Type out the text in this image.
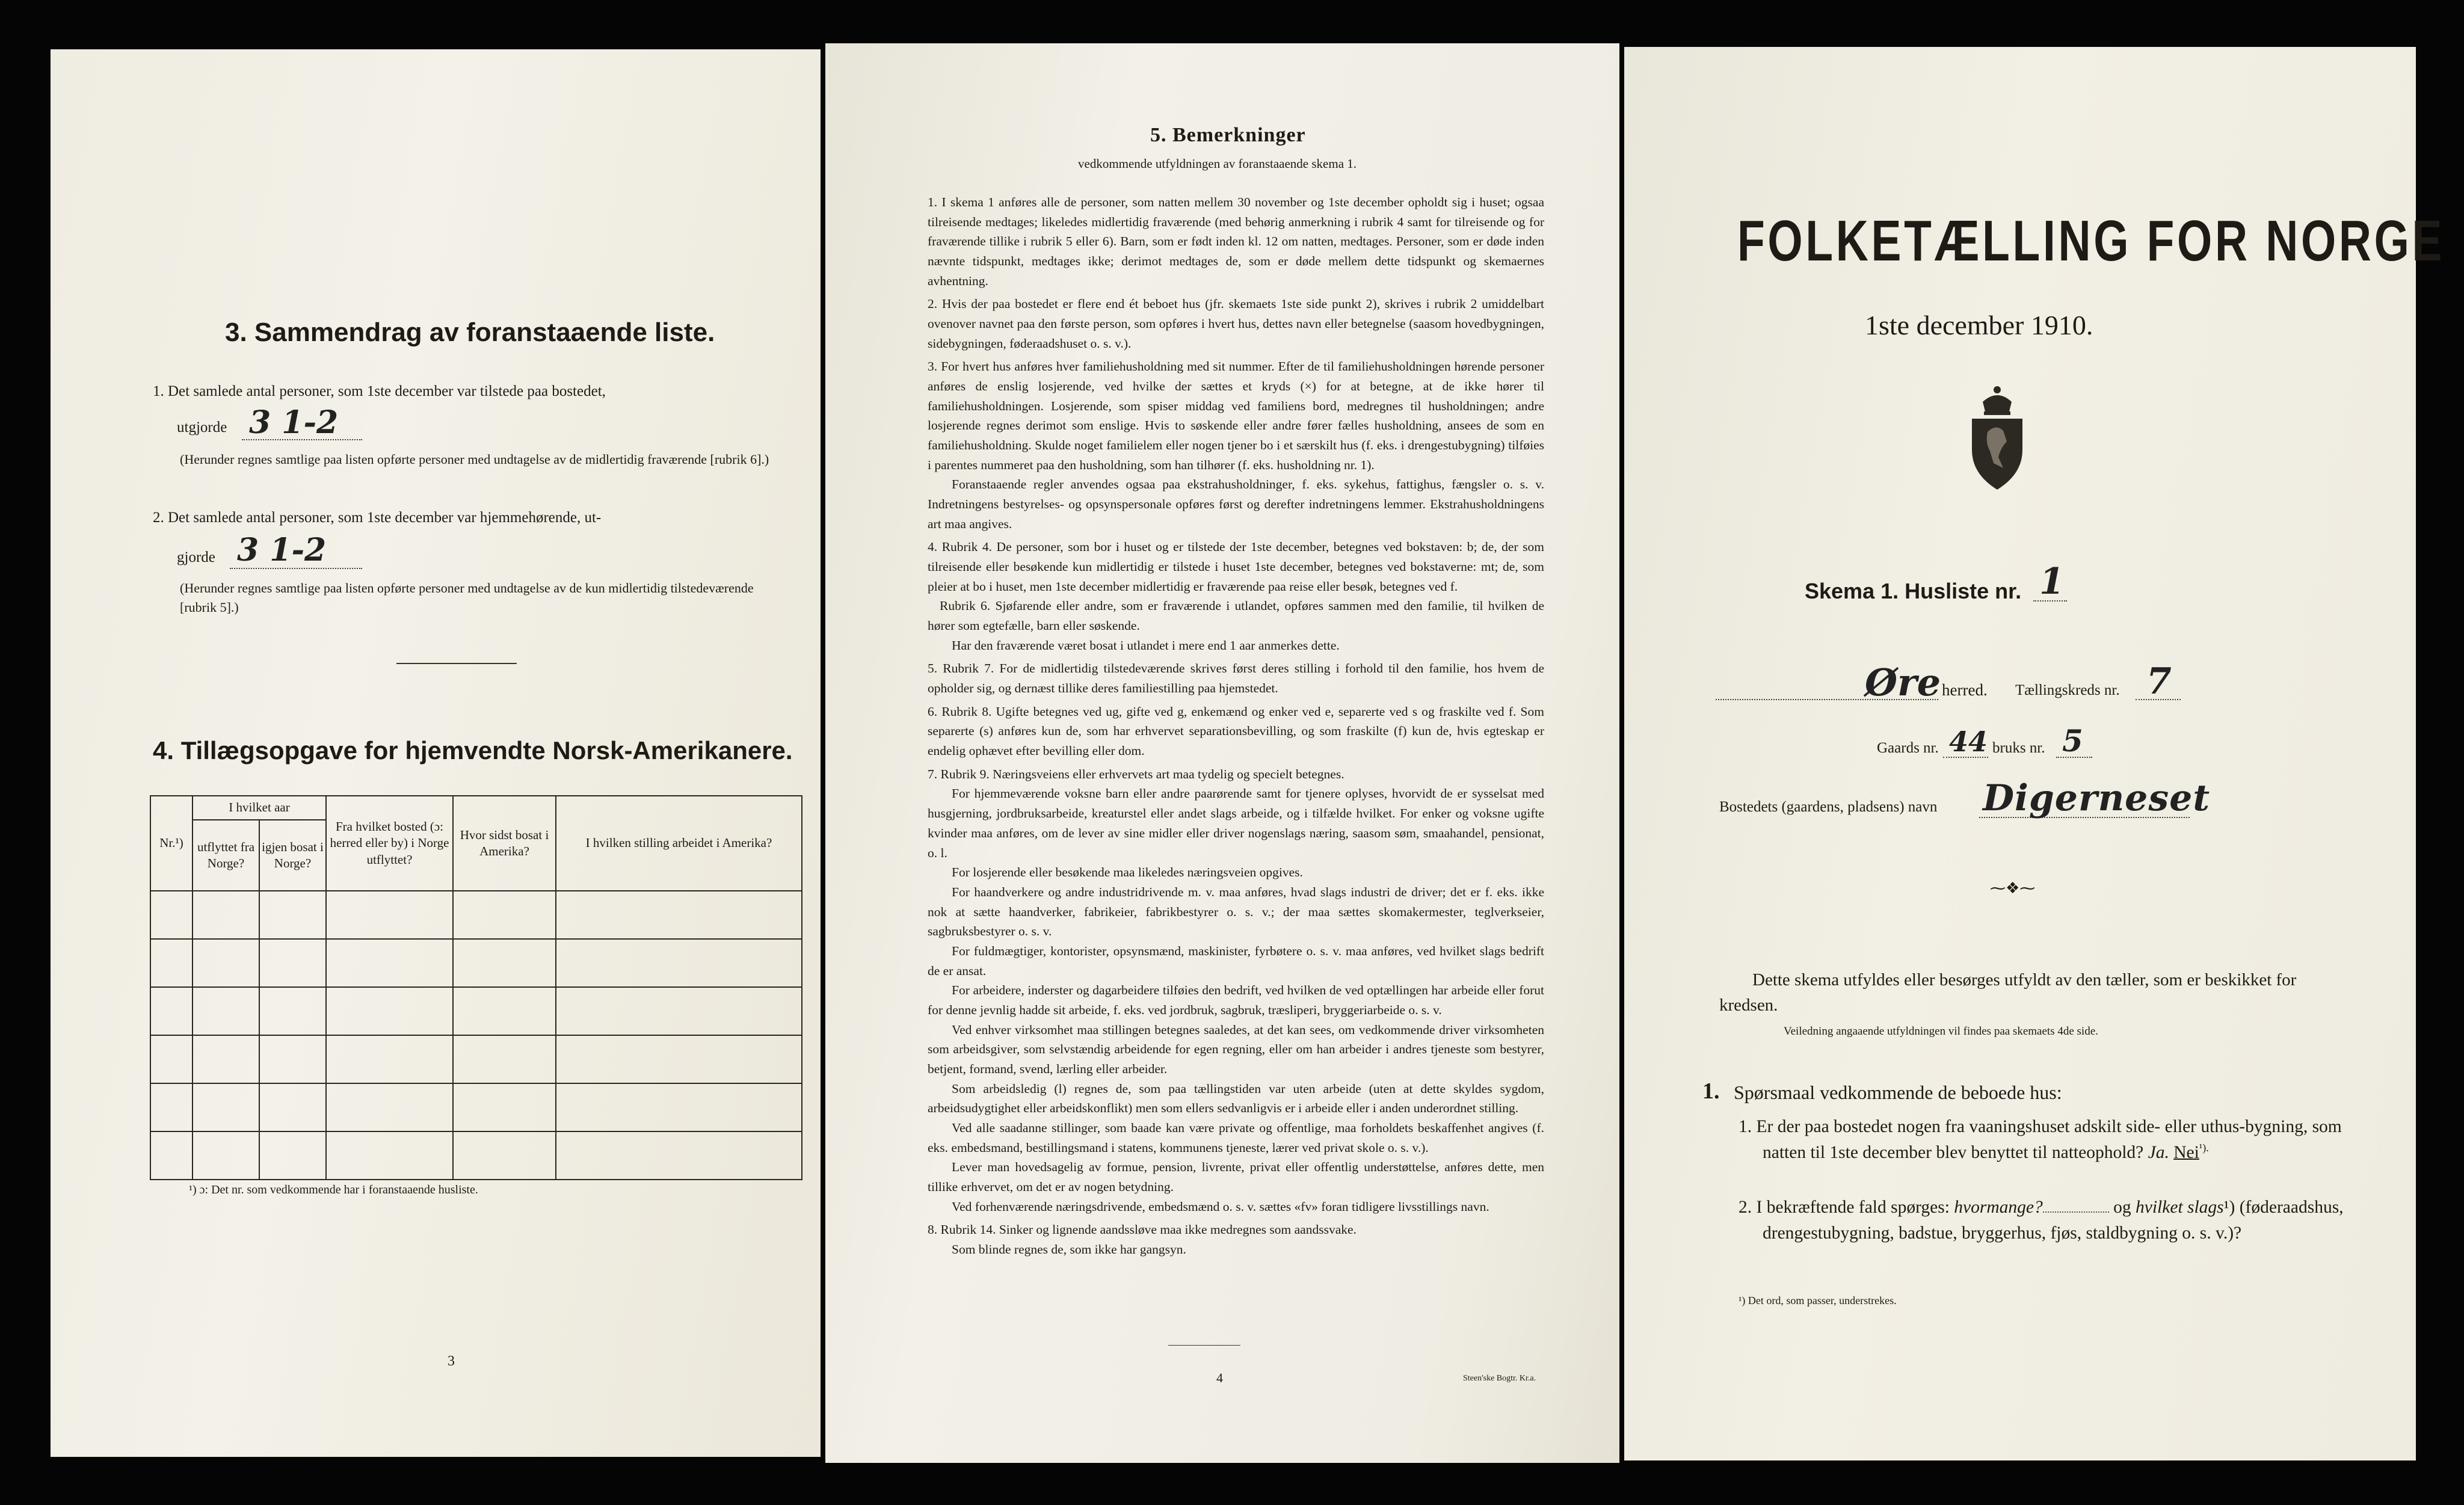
3. Sammendrag av foranstaaende liste.
1. Det samlede antal personer, som 1ste december var tilstede paa bostedet,
utgjorde 3 1-2
(Herunder regnes samtlige paa listen opførte personer med undtagelse av de midlertidig fraværende [rubrik 6].)
2. Det samlede antal personer, som 1ste december var hjemmehørende, ut-
gjorde 3 1-2
(Herunder regnes samtlige paa listen opførte personer med undtagelse av de kun midlertidig tilstedeværende [rubrik 5].)
4. Tillægsopgave for hjemvendte Norsk-Amerikanere.
Nr.¹)	I hvilket aar		Fra hvilket bosted (ɔ: herred eller by) i Norge utflyttet?	Hvor sidst bosat i Amerika?	I hvilken stilling arbeidet i Amerika?
	utflyttet fra Norge?	igjen bosat i Norge?			

¹) ɔ: Det nr. som vedkommende har i foranstaaende husliste.
3
5. Bemerkninger
vedkommende utfyldningen av foranstaaende skema 1.

1. I skema 1 anføres alle de personer, som natten mellem 30 november og 1ste december opholdt sig i huset; ogsaa tilreisende medtages; likeledes midlertidig fraværende (med behørig anmerkning i rubrik 4 samt for tilreisende og for fraværende tillike i rubrik 5 eller 6). Barn, som er født inden kl. 12 om natten, medtages. Personer, som er døde inden nævnte tidspunkt, medtages ikke; derimot medtages de, som er døde mellem dette tidspunkt og skemaernes avhentning.

2. Hvis der paa bostedet er flere end ét beboet hus (jfr. skemaets 1ste side punkt 2), skrives i rubrik 2 umiddelbart ovenover navnet paa den første person, som opføres i hvert hus, dettes navn eller betegnelse (saasom hovedbygningen, sidebygningen, føderaadshuset o. s. v.).

3. For hvert hus anføres hver familiehusholdning med sit nummer. Efter de til familiehusholdningen hørende personer anføres de enslig losjerende, ved hvilke der sættes et kryds (×) for at betegne, at de ikke hører til familiehusholdningen. Losjerende, som spiser middag ved familiens bord, medregnes til husholdningen; andre losjerende regnes derimot som enslige. Hvis to søskende eller andre fører fælles husholdning, ansees de som en familiehusholdning. Skulde noget familielem eller nogen tjener bo i et særskilt hus (f. eks. i drengestubygning) tilføies i parentes nummeret paa den husholdning, som han tilhører (f. eks. husholdning nr. 1).

Foranstaaende regler anvendes ogsaa paa ekstrahusholdninger, f. eks. sykehus, fattighus, fængsler o. s. v. Indretningens bestyrelses- og opsynspersonale opføres først og derefter indretningens lemmer. Ekstrahusholdningens art maa angives.

4. Rubrik 4. De personer, som bor i huset og er tilstede der 1ste december, betegnes ved bokstaven: b; de, der som tilreisende eller besøkende kun midlertidig er tilstede i huset 1ste december, betegnes ved bokstaverne: mt; de, som pleier at bo i huset, men 1ste december midlertidig er fraværende paa reise eller besøk, betegnes ved f.

Rubrik 6. Sjøfarende eller andre, som er fraværende i utlandet, opføres sammen med den familie, til hvilken de hører som egtefælle, barn eller søskende.

Har den fraværende været bosat i utlandet i mere end 1 aar anmerkes dette.

5. Rubrik 7. For de midlertidig tilstedeværende skrives først deres stilling i forhold til den familie, hos hvem de opholder sig, og dernæst tillike deres familiestilling paa hjemstedet.

6. Rubrik 8. Ugifte betegnes ved ug, gifte ved g, enkemænd og enker ved e, separerte ved s og fraskilte ved f. Som separerte (s) anføres kun de, som har erhvervet separationsbevilling, og som fraskilte (f) kun de, hvis egteskap er endelig ophævet efter bevilling eller dom.

7. Rubrik 9. Næringsveiens eller erhvervets art maa tydelig og specielt betegnes.

For hjemmeværende voksne barn eller andre paarørende samt for tjenere oplyses, hvorvidt de er sysselsat med husgjerning, jordbruksarbeide, kreaturstel eller andet slags arbeide, og i tilfælde hvilket. For enker og voksne ugifte kvinder maa anføres, om de lever av sine midler eller driver nogenslags næring, saasom søm, smaahandel, pensionat, o. l.

For losjerende eller besøkende maa likeledes næringsveien opgives.

For haandverkere og andre industridrivende m. v. maa anføres, hvad slags industri de driver; det er f. eks. ikke nok at sætte haandverker, fabrikeier, fabrikbestyrer o. s. v.; der maa sættes skomakermester, teglverkseier, sagbruksbestyrer o. s. v.

For fuldmægtiger, kontorister, opsynsmænd, maskinister, fyrbøtere o. s. v. maa anføres, ved hvilket slags bedrift de er ansat.

For arbeidere, inderster og dagarbeidere tilføies den bedrift, ved hvilken de ved optællingen har arbeide eller forut for denne jevnlig hadde sit arbeide, f. eks. ved jordbruk, sagbruk, træsliperi, bryggeriarbeide o. s. v.

Ved enhver virksomhet maa stillingen betegnes saaledes, at det kan sees, om vedkommende driver virksomheten som arbeidsgiver, som selvstændig arbeidende for egen regning, eller om han arbeider i andres tjeneste som bestyrer, betjent, formand, svend, lærling eller arbeider.

Som arbeidsledig (l) regnes de, som paa tællingstiden var uten arbeide (uten at dette skyldes sygdom, arbeidsudygtighet eller arbeidskonflikt) men som ellers sedvanligvis er i arbeide eller i anden underordnet stilling.

Ved alle saadanne stillinger, som baade kan være private og offentlige, maa forholdets beskaffenhet angives (f. eks. embedsmand, bestillingsmand i statens, kommunens tjeneste, lærer ved privat skole o. s. v.).

Lever man hovedsagelig av formue, pension, livrente, privat eller offentlig understøttelse, anføres dette, men tillike erhvervet, om det er av nogen betydning.

Ved forhenværende næringsdrivende, embedsmænd o. s. v. sættes «fv» foran tidligere livsstillings navn.

8. Rubrik 14. Sinker og lignende aandssløve maa ikke medregnes som aandssvake.

Som blinde regnes de, som ikke har gangsyn.

4	Steen'ske Bogtr. Kr.a.
FOLKETÆLLING FOR NORGE
1ste december 1910.
Skema 1. Husliste nr. 1
Øre herred. Tællingskreds nr. 7
Gaards nr. 44 bruks nr. 5
Bostedets (gaardens, pladsens) navn Digerneset
⁓❖⁓
Dette skema utfyldes eller besørges utfyldt av den tæller, som er beskikket for kredsen.
Veiledning angaaende utfyldningen vil findes paa skemaets 4de side.
1. Spørsmaal vedkommende de beboede hus:
1. Er der paa bostedet nogen fra vaaningshuset adskilt side- eller uthus-bygning, som natten til 1ste december blev benyttet til natteophold? Ja. Nei$^{^1).}$
2. I bekræftende fald spørges: hvormange?	og hvilket slags¹) (føderaadshus, drengestubygning, badstue, bryggerhus, fjøs, staldbygning o. s. v.)?
¹) Det ord, som passer, understrekes.
